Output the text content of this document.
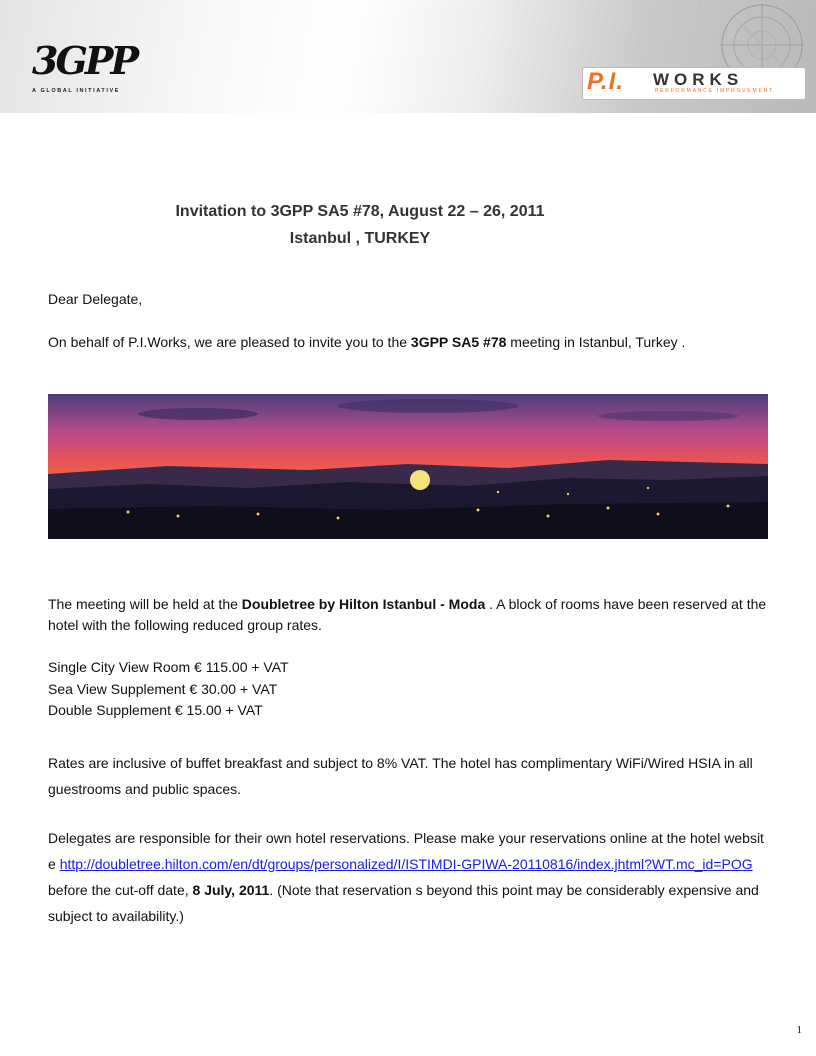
3GPP
A GLOBAL INITIATIVE	P.I. WORKS
PERFORMANCE IMPROVEMENT
Invitation to 3GPP SA5 #78, August 22 – 26, 2011
Istanbul , TURKEY

Dear Delegate,

On behalf of P.I.Works, we are pleased to invite you to the 3GPP SA5 #78 meeting in Istanbul, Turkey .

The meeting will be held at the Doubletree by Hilton Istanbul - Moda . A block of rooms have been reserved at the hotel with the following reduced group rates.

Single City View Room € 115.00 + VAT

Sea View Supplement € 30.00 + VAT

Double Supplement € 15.00 + VAT

Rates are inclusive of buffet breakfast and subject to 8% VAT. The hotel has complimentary WiFi/Wired HSIA in all guestrooms and public spaces.

Delegates are responsible for their own hotel reservations. Please make your reservations online at the hotel website http://doubletree.hilton.com/en/dt/groups/personalized/I/ISTIMDI-GPIWA-20110816/index.jhtml?WT.mc_id=POG before the cut-off date, 8 July, 2011. (Note that reservation s beyond this point may be considerably expensive and subject to availability.)

1
